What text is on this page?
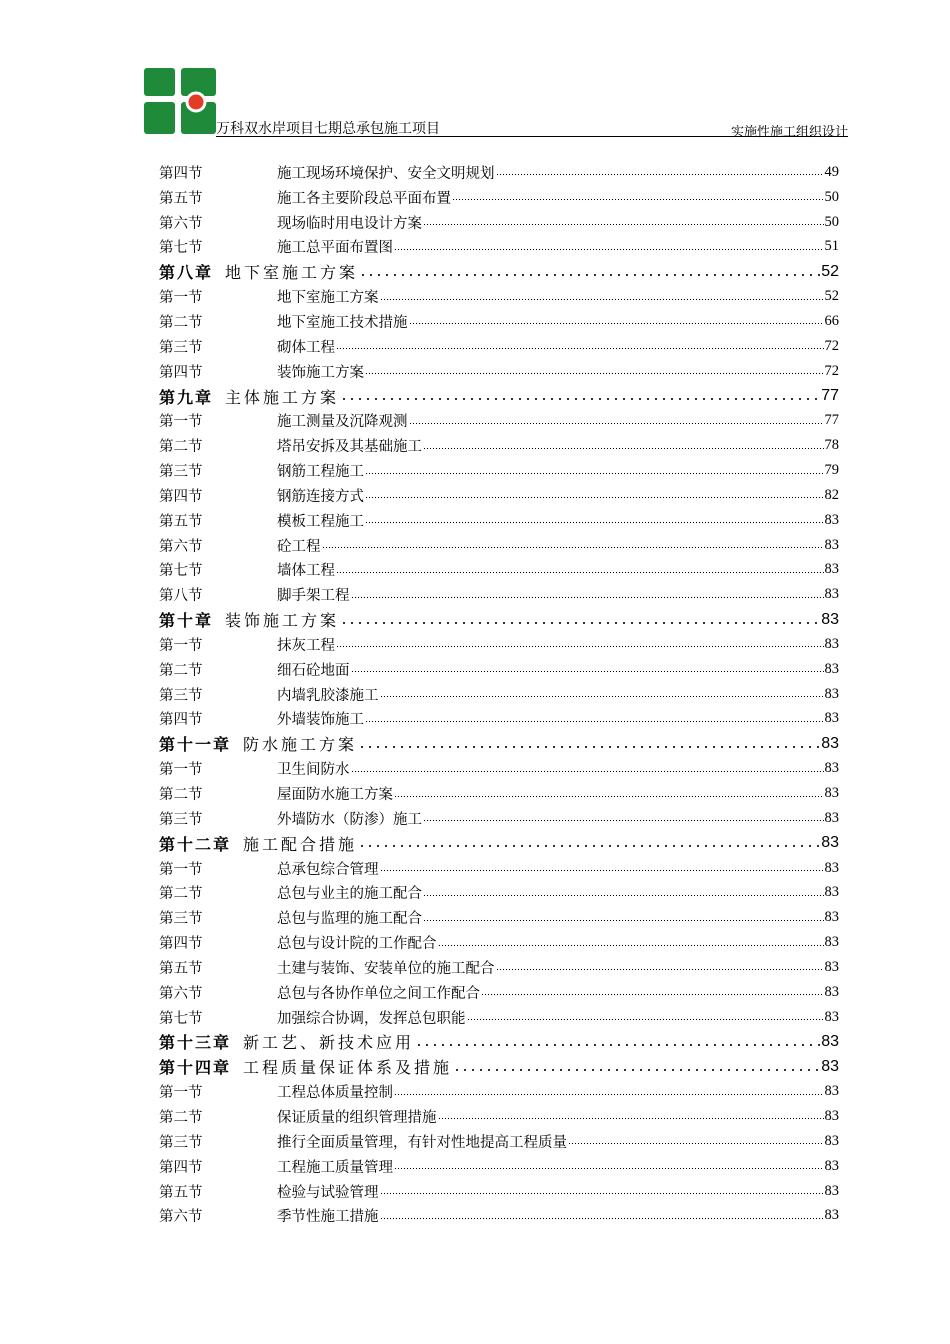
万科双水岸项目七期总承包施工项目	实施性施工组织设计
第四节	施工现场环境保护、安全文明规划	49
第五节	施工各主要阶段总平面布置	50
第六节	现场临时用电设计方案	50
第七节	施工总平面布置图	51
第八章 地下室施工方案	52
第一节	地下室施工方案	52
第二节	地下室施工技术措施	66
第三节	砌体工程	72
第四节	装饰施工方案	72
第九章 主体施工方案	77
第一节	施工测量及沉降观测	77
第二节	塔吊安拆及其基础施工	78
第三节	钢筋工程施工	79
第四节	钢筋连接方式	82
第五节	模板工程施工	83
第六节	砼工程	83
第七节	墙体工程	83
第八节	脚手架工程	83
第十章 装饰施工方案	83
第一节	抹灰工程	83
第二节	细石砼地面	83
第三节	内墙乳胶漆施工	83
第四节	外墙装饰施工	83
第十一章 防水施工方案	83
第一节	卫生间防水	83
第二节	屋面防水施工方案	83
第三节	外墙防水（防渗）施工	83
第十二章 施工配合措施	83
第一节	总承包综合管理	83
第二节	总包与业主的施工配合	83
第三节	总包与监理的施工配合	83
第四节	总包与设计院的工作配合	83
第五节	土建与装饰、安装单位的施工配合	83
第六节	总包与各协作单位之间工作配合	83
第七节	加强综合协调，发挥总包职能	83
第十三章 新工艺、新技术应用	83
第十四章 工程质量保证体系及措施	83
第一节	工程总体质量控制	83
第二节	保证质量的组织管理措施	83
第三节	推行全面质量管理，有针对性地提高工程质量	83
第四节	工程施工质量管理	83
第五节	检验与试验管理	83
第六节	季节性施工措施	83
